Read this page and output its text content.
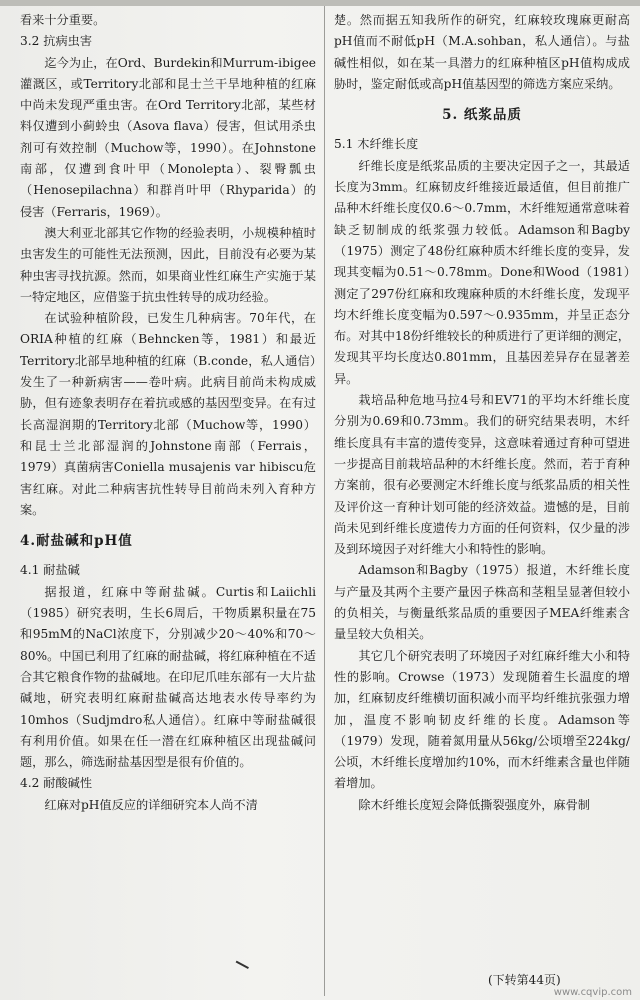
看来十分重要。

3.2 抗病虫害

迄今为止，在Ord、Burdekin和Murrum-ibigee灌溉区，或Territory北部和昆士兰干旱地种植的红麻中尚未发现严重虫害。在Ord Territory北部，某些材料仅遭到小蓟蛉虫（Asova flava）侵害，但试用杀虫剂可有效控制（Muchow等，1990）。在Johnstone南部，仅遭到食叶甲（Monolepta）、裂臀瓢虫（Henosepilachna）和群肖叶甲（Rhyparida）的侵害（Ferraris，1969）。

澳大利亚北部其它作物的经验表明，小规模种植时虫害发生的可能性无法预测，因此，目前没有必要为某种虫害寻找抗源。然而，如果商业性红麻生产实施于某一特定地区，应借鉴于抗虫性转导的成功经验。

在试验种植阶段，已发生几种病害。70年代，在ORIA种植的红麻（Behncken等，1981）和最近Territory北部旱地种植的红麻（B.conde，私人通信）发生了一种新病害——卷叶病。此病目前尚未构成威胁，但有迹象表明存在着抗或感的基因型变异。在有过长高湿润期的Territory北部（Muchow等，1990）和昆士兰北部湿润的Johnstone南部（Ferrais，1979）真菌病害Coniella musajenis var hibiscu危害红麻。对此二种病害抗性转导目前尚未列入育种方案。

4.耐盐碱和pH值
4.1 耐盐碱

据报道，红麻中等耐盐碱。Curtis和Laiichli（1985）研究表明，生长6周后，干物质累积量在75和95mM的NaCl浓度下，分别减少20～40%和70～80%。中国已利用了红麻的耐盐碱，将红麻种植在不适合其它粮食作物的盐碱地。在印尼爪哇东部有一大片盐碱地，研究表明红麻耐盐碱高达地表水传导率约为10mhos（Sudjmdro私人通信）。红麻中等耐盐碱很有利用价值。如果在任一潜在红麻种植区出现盐碱问题，那么，筛选耐盐基因型是很有价值的。

4.2 耐酸碱性

红麻对pH值反应的详细研究本人尚不清

楚。然而据五知我所作的研究，红麻较玫瑰麻更耐高pH值而不耐低pH（M.A.sohban，私人通信）。与盐碱性相似，如在某一具潜力的红麻种植区pH值构成成胁时，鉴定耐低或高pH值基因型的筛选方案应采纳。

5. 纸浆品质
5.1 木纤维长度

纤维长度是纸浆品质的主要决定因子之一，其最适长度为3mm。红麻韧皮纤维接近最适值，但目前推广品种木纤维长度仅0.6～0.7mm，木纤维短通常意味着缺乏韧制成的纸浆强力较低。Adamson和Bagby（1975）测定了48份红麻种质木纤维长度的变异，发现其变幅为0.51～0.78mm。Done和Wood（1981）测定了297份红麻和玫瑰麻种质的木纤维长度，发现平均木纤维长度变幅为0.597～0.935mm，并呈正态分布。对其中18份纤维较长的种质进行了更详细的测定，发现其平均长度达0.801mm，且基因差异存在显著差异。

栽培品种危地马拉4号和EV71的平均木纤维长度分别为0.69和0.73mm。我们的研究结果表明，木纤维长度具有丰富的遗传变异，这意味着通过育种可望进一步提高目前栽培品种的木纤维长度。然而，若于育种方案前，很有必要测定木纤维长度与纸浆品质的相关性及评价这一育种计划可能的经济效益。遗憾的是，目前尚未见到纤维长度遗传力方面的任何资料，仅少量的涉及到环境因子对纤维大小和特性的影响。

Adamson和Bagby（1975）报道，木纤维长度与产量及其两个主要产量因子株高和茎粗呈显著但较小的负相关，与衡量纸浆品质的重要因子MEA纤维素含量呈较大负相关。

其它几个研究表明了环境因子对红麻纤维大小和特性的影响。Crowse（1973）发现随着生长温度的增加，红麻韧皮纤维横切面积减小而平均纤维抗张强力增加，温度不影响韧皮纤维的长度。Adamson等（1979）发现，随着氮用量从56kg/公顷增至224kg/公顷，木纤维长度增加约10%，而木纤维素含量也伴随着增加。

除木纤维长度短会降低撕裂强度外，麻骨制

(下转第44页)
www.cqvip.com
